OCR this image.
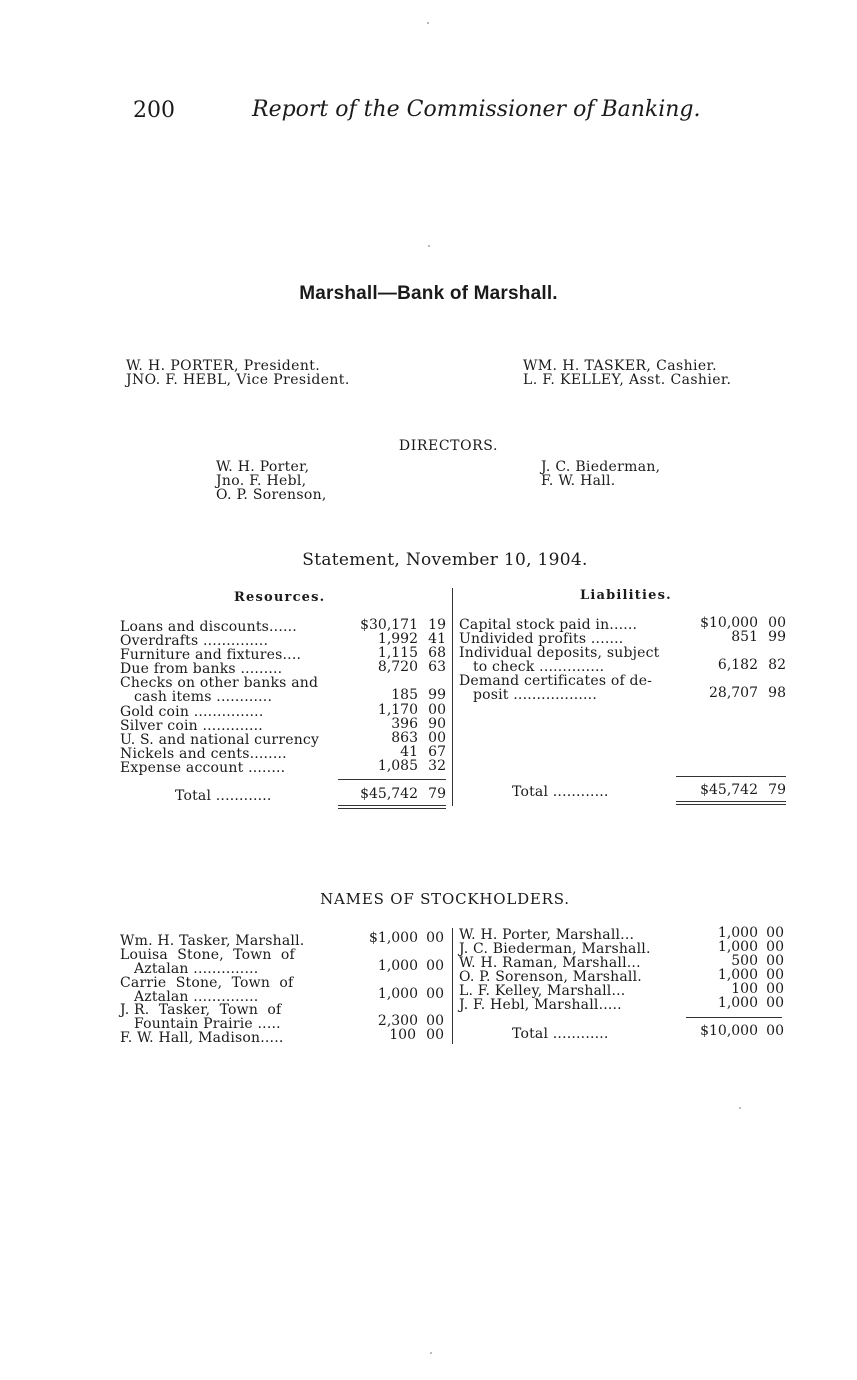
200	Report of the Commissioner of Banking.
Marshall—Bank of Marshall.
W. H. PORTER, President.
JNO. F. HEBL, Vice President.
WM. H. TASKER, Cashier.
L. F. KELLEY, Asst. Cashier.
DIRECTORS.
W. H. Porter,
Jno. F. Hebl,
O. P. Sorenson,
J. C. Biederman,
F. W. Hall.
Statement, November 10, 1904.
Resources.	Liabilities.
Loans and discounts......	$30,171 19
Overdrafts ..............	1,992 41
Furniture and fixtures....	1,115 68
Due from banks .........	8,720 63
Checks on other banks and
cash items ............	185 99
Gold coin ...............	1,170 00
Silver coin .............	396 90
U. S. and national currency	863 00
Nickels and cents........	41 67
Expense account ........	1,085 32
Total ............	$45,742 79
Capital stock paid in......	$10,000 00
Undivided profits .......	851 99
Individual deposits, subject
to check ..............	6,182 82
Demand certificates of de-
posit ..................	28,707 98
Total ............	$45,742 79
NAMES OF STOCKHOLDERS.
Wm. H. Tasker, Marshall.	$1,000 00
Louisa  Stone,  Town  of
Aztalan ..............	1,000 00
Carrie  Stone,  Town  of
Aztalan ..............	1,000 00
J. R.  Tasker,  Town  of
Fountain Prairie .....	2,300 00
F. W. Hall, Madison.....	100 00
W. H. Porter, Marshall...	1,000 00
J. C. Biederman, Marshall.	1,000 00
W. H. Raman, Marshall...	500 00
O. P. Sorenson, Marshall.	1,000 00
L. F. Kelley, Marshall...	100 00
J. F. Hebl, Marshall.....	1,000 00
Total ............	$10,000 00
